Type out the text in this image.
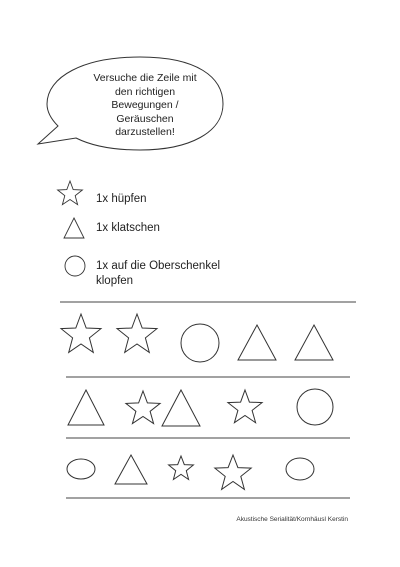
Versuche die Zeile mit
den richtigen
Bewegungen /
Geräuschen
darzustellen!
1x hüpfen
1x klatschen
1x auf die Oberschenkel
klopfen
Akustische Serialität/Kornhäusl Kerstin
